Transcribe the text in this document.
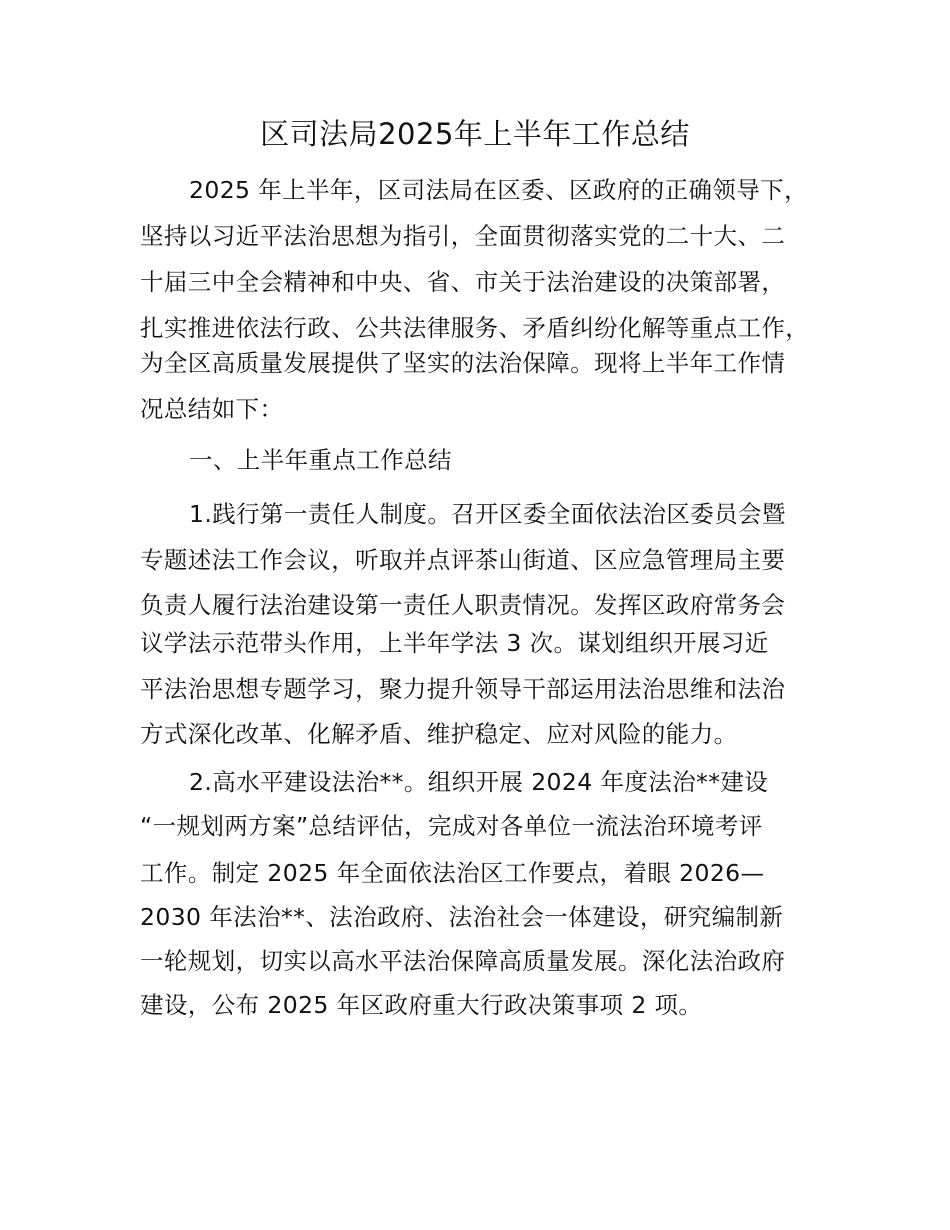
区司法局2025年上半年工作总结
2025 年上半年，区司法局在区委、区政府的正确领导下，
坚持以习近平法治思想为指引，全面贯彻落实党的二十大、二
十届三中全会精神和中央、省、市关于法治建设的决策部署，
扎实推进依法行政、公共法律服务、矛盾纠纷化解等重点工作，
为全区高质量发展提供了坚实的法治保障。现将上半年工作情
况总结如下：
一、上半年重点工作总结
1.践行第一责任人制度。召开区委全面依法治区委员会暨
专题述法工作会议，听取并点评茶山街道、区应急管理局主要
负责人履行法治建设第一责任人职责情况。发挥区政府常务会
议学法示范带头作用，上半年学法 3 次。谋划组织开展习近
平法治思想专题学习，聚力提升领导干部运用法治思维和法治
方式深化改革、化解矛盾、维护稳定、应对风险的能力。
2.高水平建设法治**。组织开展 2024 年度法治**建设
“一规划两方案”总结评估，完成对各单位一流法治环境考评
工作。制定 2025 年全面依法治区工作要点，着眼 2026—
2030 年法治**、法治政府、法治社会一体建设，研究编制新
一轮规划，切实以高水平法治保障高质量发展。深化法治政府
建设，公布 2025 年区政府重大行政决策事项 2 项。
